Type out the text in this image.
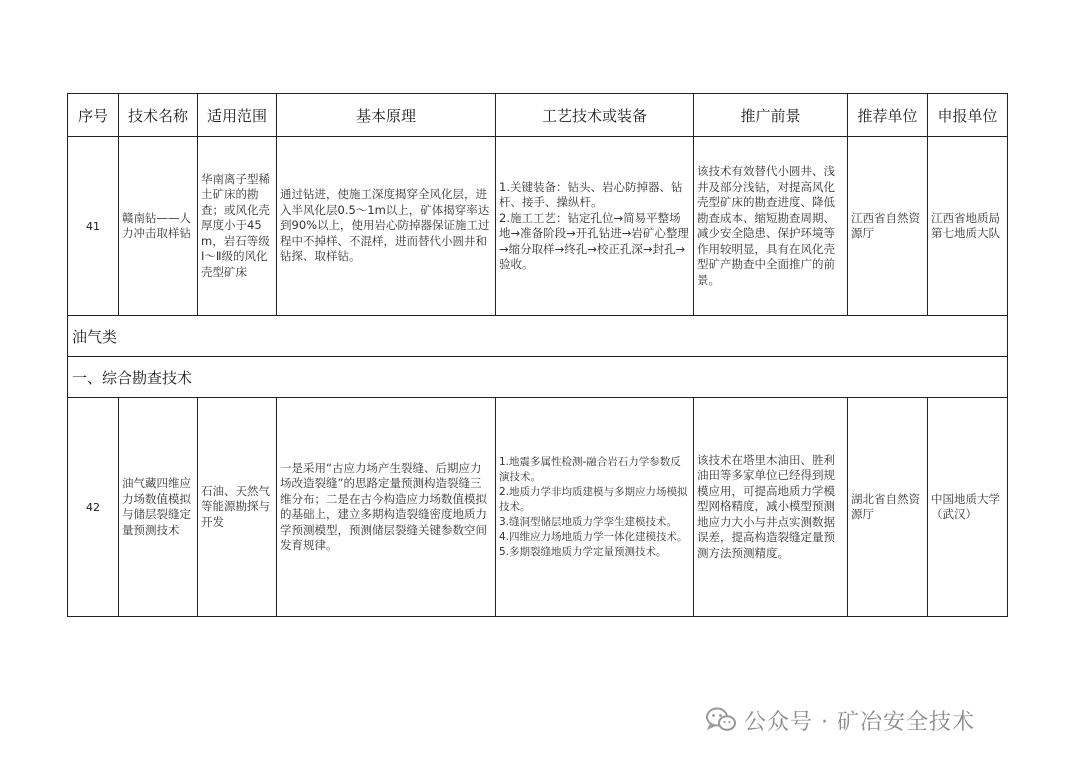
序号	技术名称	适用范围	基本原理	工艺技术或装备	推广前景	推荐单位	申报单位
41	赣南钻——人力冲击取样钻	华南离子型稀土矿床的勘查；或风化壳厚度小于45 m，岩石等级Ⅰ～Ⅱ级的风化壳型矿床	通过钻进，使施工深度揭穿全风化层，进入半风化层0.5～1m以上，矿体揭穿率达到90%以上，使用岩心防掉器保证施工过程中不掉样、不混样，进而替代小圆井和钻探、取样钻。	1.关键装备：钻头、岩心防掉器、钻杆、接手、操纵杆。
2.施工工艺：钻定孔位→简易平整场地→准备阶段→开孔钻进→岩矿心整理→缩分取样→终孔→校正孔深→封孔→验收。	该技术有效替代小圆井、浅井及部分浅钻，对提高风化壳型矿床的勘查进度、降低勘查成本、缩短勘查周期、减少安全隐患、保护环境等作用较明显，具有在风化壳型矿产勘查中全面推广的前景。	江西省自然资源厅	江西省地质局第七地质大队
油气类							
一、综合勘查技术							
42	油气藏四维应力场数值模拟与储层裂缝定量预测技术	石油、天然气等能源勘探与开发	一是采用“古应力场产生裂缝、后期应力场改造裂缝”的思路定量预测构造裂缝三维分布；二是在古今构造应力场数值模拟的基础上，建立多期构造裂缝密度地质力学预测模型，预测储层裂缝关键参数空间发育规律。	1.地震多属性检测-融合岩石力学参数反演技术。
2.地质力学非均质建模与多期应力场模拟技术。
3.缝洞型储层地质力学孪生建模技术。
4.四维应力场地质力学一体化建模技术。
5.多期裂缝地质力学定量预测技术。	该技术在塔里木油田、胜利油田等多家单位已经得到规模应用，可提高地质力学模型网格精度，减小模型预测地应力大小与井点实测数据误差，提高构造裂缝定量预测方法预测精度。	湖北省自然资源厅	中国地质大学（武汉）
公众号 · 矿冶安全技术
